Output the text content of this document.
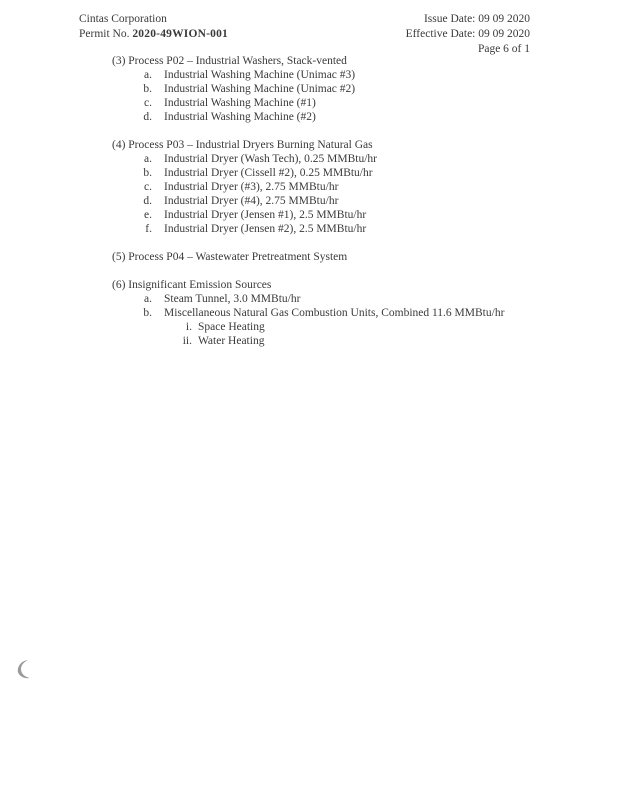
Cintas Corporation
Permit No. 2020-49WION-001
Issue Date: 09 09 2020
Effective Date: 09 09 2020
Page 6 of 1
(3) Process P02 – Industrial Washers, Stack-vented
a. Industrial Washing Machine (Unimac #3)
b. Industrial Washing Machine (Unimac #2)
c. Industrial Washing Machine (#1)
d. Industrial Washing Machine (#2)
(4) Process P03 – Industrial Dryers Burning Natural Gas
a. Industrial Dryer (Wash Tech), 0.25 MMBtu/hr
b. Industrial Dryer (Cissell #2), 0.25 MMBtu/hr
c. Industrial Dryer (#3), 2.75 MMBtu/hr
d. Industrial Dryer (#4), 2.75 MMBtu/hr
e. Industrial Dryer (Jensen #1), 2.5 MMBtu/hr
f. Industrial Dryer (Jensen #2), 2.5 MMBtu/hr
(5) Process P04 – Wastewater Pretreatment System
(6) Insignificant Emission Sources
a. Steam Tunnel, 3.0 MMBtu/hr
b. Miscellaneous Natural Gas Combustion Units, Combined 11.6 MMBtu/hr
i. Space Heating
ii. Water Heating
